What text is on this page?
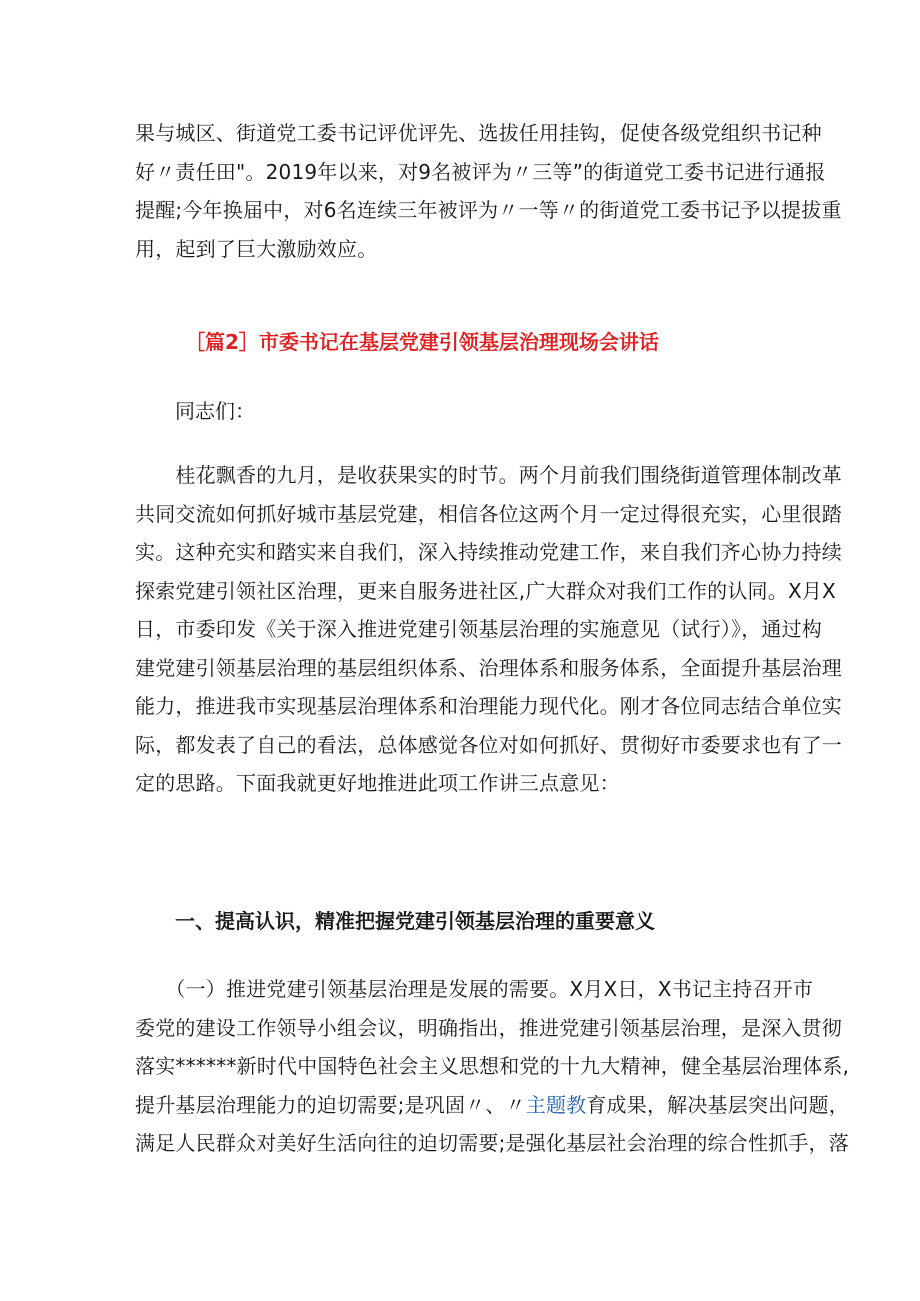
果与城区、街道党工委书记评优评先、选拔任用挂钩，促使各级党组织书记种
好〃责任田"。2019年以来，对9名被评为〃三等”的街道党工委书记进行通报
提醒;今年换届中，对6名连续三年被评为〃一等〃的街道党工委书记予以提拔重
用，起到了巨大激励效应。

［篇2］市委书记在基层党建引领基层治理现场会讲话

同志们：

　　桂花飘香的九月，是收获果实的时节。两个月前我们围绕街道管理体制改革
共同交流如何抓好城市基层党建，相信各位这两个月一定过得很充实，心里很踏
实。这种充实和踏实来自我们，深入持续推动党建工作，来自我们齐心协力持续
探索党建引领社区治理，更来自服务进社区,广大群众对我们工作的认同。X月X
日，市委印发《关于深入推进党建引领基层治理的实施意见（试行）》，通过构
建党建引领基层治理的基层组织体系、治理体系和服务体系，全面提升基层治理
能力，推进我市实现基层治理体系和治理能力现代化。刚才各位同志结合单位实
际，都发表了自己的看法，总体感觉各位对如何抓好、贯彻好市委要求也有了一
定的思路。下面我就更好地推进此项工作讲三点意见：

一、提高认识，精准把握党建引领基层治理的重要意义

　　（一）推进党建引领基层治理是发展的需要。X月X日，X书记主持召开市
委党的建设工作领导小组会议，明确指出，推进党建引领基层治理，是深入贯彻
落实******新时代中国特色社会主义思想和党的十九大精神，健全基层治理体系,
提升基层治理能力的迫切需要;是巩固〃、〃主题教育成果，解决基层突出问题，
满足人民群众对美好生活向往的迫切需要;是强化基层社会治理的综合性抓手，落
